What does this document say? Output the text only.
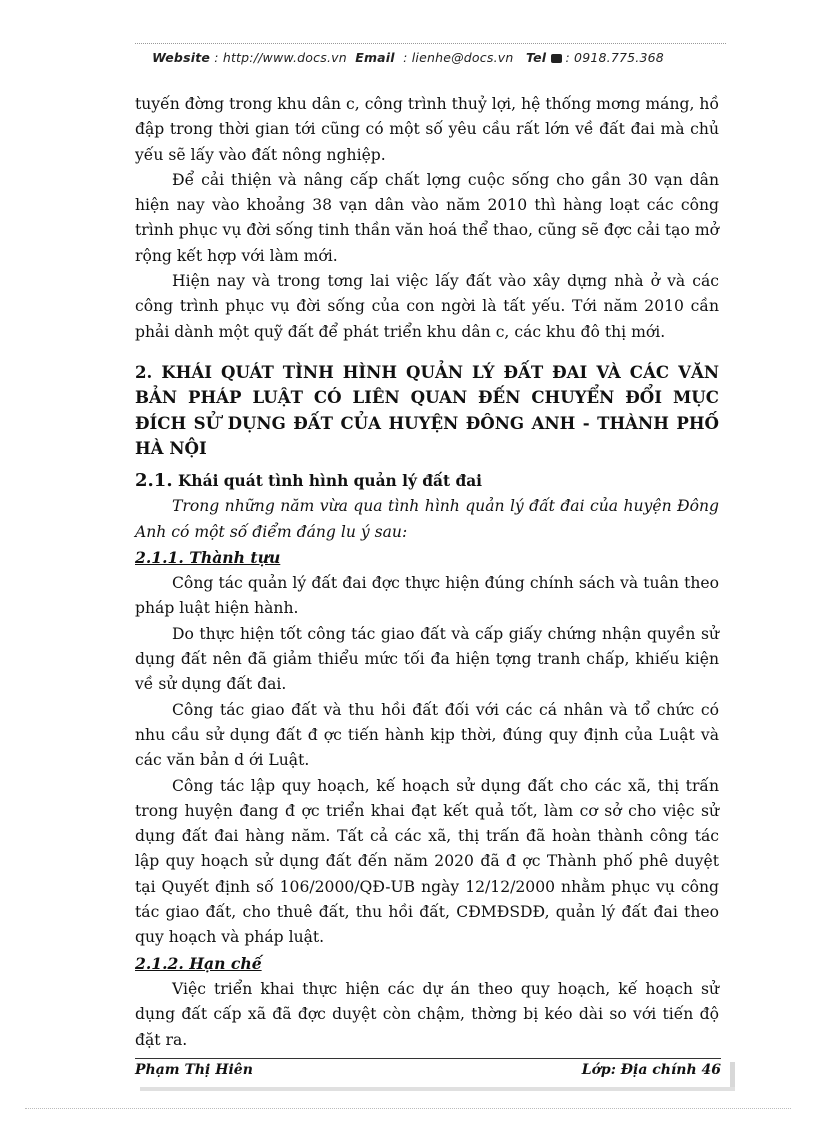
Website : http://www.docs.vn Email : lienhe@docs.vn Tel : 0918.775.368

tuyến đờng trong khu dân c, công trình thuỷ lợi, hệ thống mơng máng, hồ đập trong thời gian tới cũng có một số yêu cầu rất lớn về đất đai mà chủ yếu sẽ lấy vào đất nông nghiệp.

Để cải thiện và nâng cấp chất lợng cuộc sống cho gần 30 vạn dân hiện nay vào khoảng 38 vạn dân vào năm 2010 thì hàng loạt các công trình phục vụ đời sống tinh thần văn hoá thể thao, cũng sẽ đợc cải tạo mở rộng kết hợp với làm mới.

Hiện nay và trong tơng lai việc lấy đất vào xây dựng nhà ở và các công trình phục vụ đời sống của con ngời là tất yếu. Tới năm 2010 cần phải dành một quỹ đất để phát triển khu dân c, các khu đô thị mới.

2. KHÁI QUÁT TÌNH HÌNH QUẢN LÝ ĐẤT ĐAI VÀ CÁC VĂN BẢN PHÁP LUẬT CÓ LIÊN QUAN ĐẾN CHUYỂN ĐỔI MỤC ĐÍCH SỬ DỤNG ĐẤT CỦA HUYỆN ĐÔNG ANH - THÀNH PHỐ HÀ NỘI

2.1. Khái quát tình hình quản lý đất đai

Trong những năm vừa qua tình hình quản lý đất đai của huyện Đông Anh có một số điểm đáng lu ý sau:

2.1.1. Thành tựu

Công tác quản lý đất đai đợc thực hiện đúng chính sách và tuân theo pháp luật hiện hành.

Do thực hiện tốt công tác giao đất và cấp giấy chứng nhận quyền sử dụng đất nên đã giảm thiểu mức tối đa hiện tợng tranh chấp, khiếu kiện về sử dụng đất đai.

Công tác giao đất và thu hồi đất đối với các cá nhân và tổ chức có nhu cầu sử dụng đất đ ợc tiến hành kịp thời, đúng quy định của Luật và các văn bản d ới Luật.

Công tác lập quy hoạch, kế hoạch sử dụng đất cho các xã, thị trấn trong huyện đang đ ợc triển khai đạt kết quả tốt, làm cơ sở cho việc sử dụng đất đai hàng năm. Tất cả các xã, thị trấn đã hoàn thành công tác lập quy hoạch sử dụng đất đến năm 2020 đã đ ợc Thành phố phê duyệt tại Quyết định số 106/2000/QĐ-UB ngày 12/12/2000 nhằm phục vụ công tác giao đất, cho thuê đất, thu hồi đất, CĐMĐSDĐ, quản lý đất đai theo quy hoạch và pháp luật.

2.1.2. Hạn chế

Việc triển khai thực hiện các dự án theo quy hoạch, kế hoạch sử dụng đất cấp xã đã đợc duyệt còn chậm, thờng bị kéo dài so với tiến độ đặt ra.

Phạm Thị Hiên	Lớp: Địa chính 46
